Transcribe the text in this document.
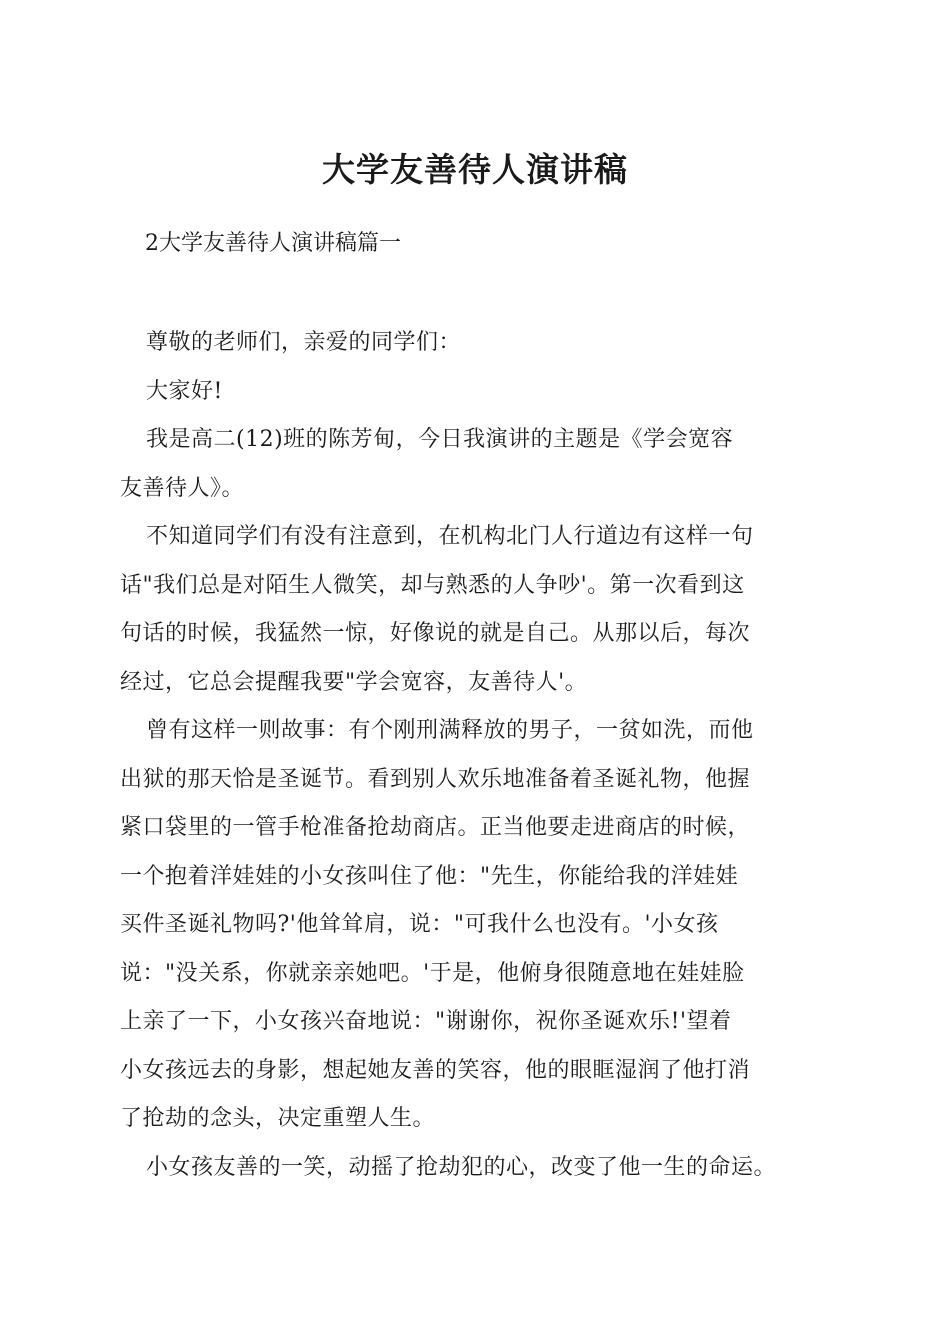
大学友善待人演讲稿
2大学友善待人演讲稿篇一
尊敬的老师们，亲爱的同学们：
大家好!
我是高二(12)班的陈芳甸，今日我演讲的主题是《学会宽容
友善待人》。
不知道同学们有没有注意到，在机构北门人行道边有这样一句
话"我们总是对陌生人微笑，却与熟悉的人争吵'。第一次看到这
句话的时候，我猛然一惊，好像说的就是自己。从那以后，每次
经过，它总会提醒我要"学会宽容，友善待人'。
曾有这样一则故事：有个刚刑满释放的男子，一贫如洗，而他
出狱的那天恰是圣诞节。看到别人欢乐地准备着圣诞礼物，他握
紧口袋里的一管手枪准备抢劫商店。正当他要走进商店的时候，
一个抱着洋娃娃的小女孩叫住了他："先生，你能给我的洋娃娃
买件圣诞礼物吗?'他耸耸肩，说："可我什么也没有。'小女孩
说："没关系，你就亲亲她吧。'于是，他俯身很随意地在娃娃脸
上亲了一下，小女孩兴奋地说："谢谢你，祝你圣诞欢乐!'望着
小女孩远去的身影，想起她友善的笑容，他的眼眶湿润了他打消
了抢劫的念头，决定重塑人生。
小女孩友善的一笑，动摇了抢劫犯的心，改变了他一生的命运。
